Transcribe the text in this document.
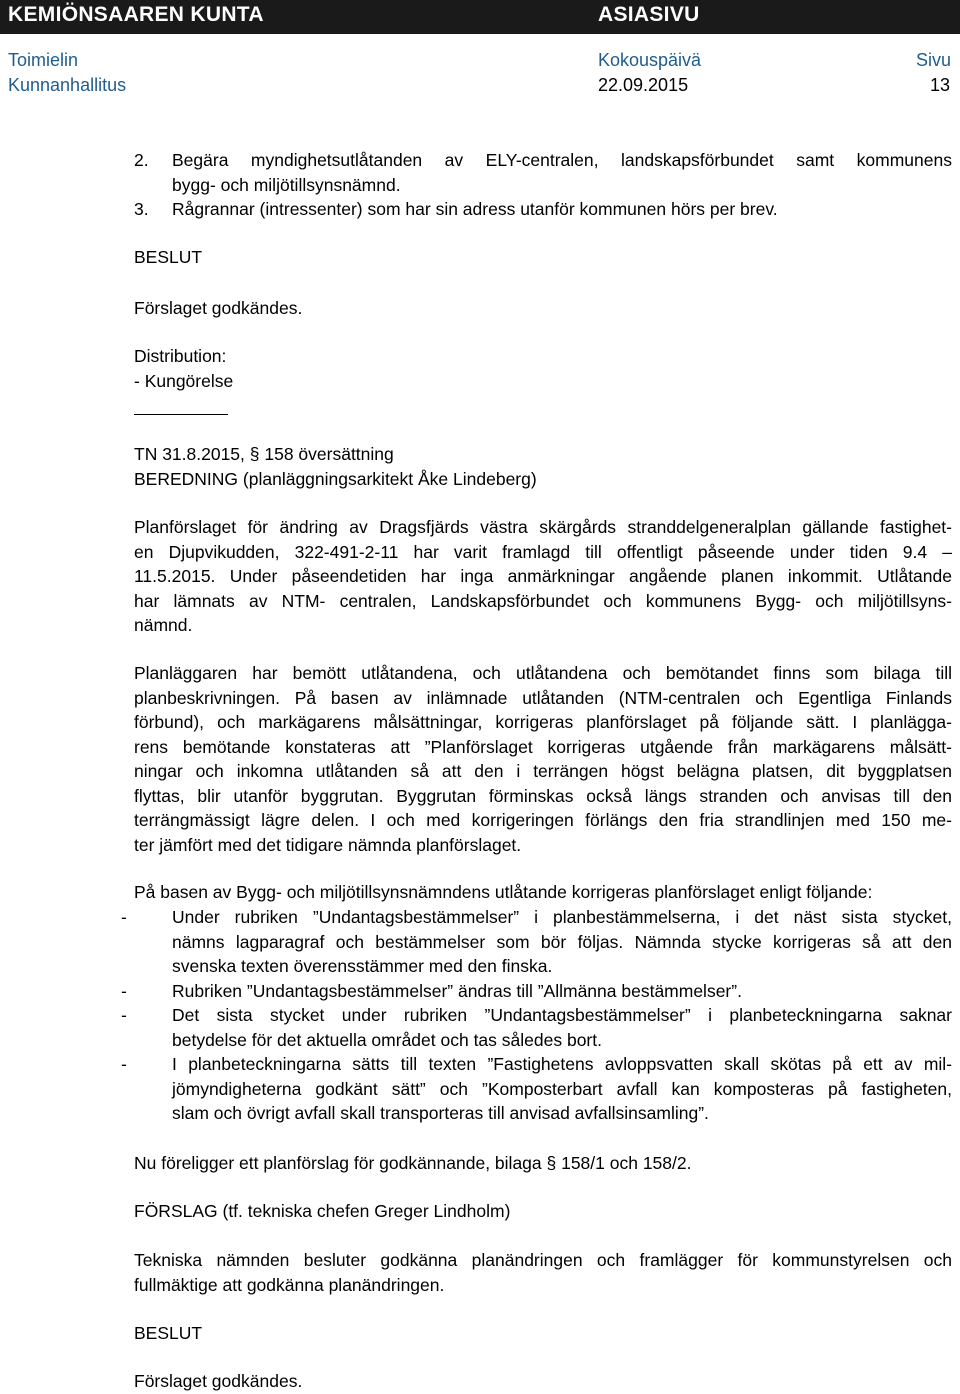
KEMIÖNSAAREN KUNTA	ASIASIVU
Toimielin
Kunnanhallitus
Kokouspäivä
22.09.2015
Sivu
13
2. Begära myndighetsutlåtanden av ELY-centralen, landskapsförbundet samt kommunens
bygg- och miljötillsynsnämnd.
3. Rågrannar (intressenter) som har sin adress utanför kommunen hörs per brev.
BESLUT
Förslaget godkändes.
Distribution:
- Kungörelse
TN 31.8.2015, § 158 översättning
BEREDNING (planläggningsarkitekt Åke Lindeberg)
Planförslaget för ändring av Dragsfjärds västra skärgårds stranddelgeneralplan gällande fastighet-
en Djupvikudden, 322-491-2-11 har varit framlagd till offentligt påseende under tiden 9.4 –
11.5.2015. Under påseendetiden har inga anmärkningar angående planen inkommit. Utlåtande
har lämnats av NTM- centralen, Landskapsförbundet och kommunens Bygg- och miljötillsyns-
nämnd.
Planläggaren har bemött utlåtandena, och utlåtandena och bemötandet finns som bilaga till
planbeskrivningen. På basen av inlämnade utlåtanden (NTM-centralen och Egentliga Finlands
förbund), och markägarens målsättningar, korrigeras planförslaget på följande sätt. I planlägga-
rens bemötande konstateras att ”Planförslaget korrigeras utgående från markägarens målsätt-
ningar och inkomna utlåtanden så att den i terrängen högst belägna platsen, dit byggplatsen
flyttas, blir utanför byggrutan. Byggrutan förminskas också längs stranden och anvisas till den
terrängmässigt lägre delen. I och med korrigeringen förlängs den fria strandlinjen med 150 me-
ter jämfört med det tidigare nämnda planförslaget.
På basen av Bygg- och miljötillsynsnämndens utlåtande korrigeras planförslaget enligt följande:
-	Under rubriken ”Undantagsbestämmelser” i planbestämmelserna, i det näst sista stycket,
nämns lagparagraf och bestämmelser som bör följas. Nämnda stycke korrigeras så att den
svenska texten överensstämmer med den finska.
-	Rubriken ”Undantagsbestämmelser” ändras till ”Allmänna bestämmelser”.
-	Det sista stycket under rubriken ”Undantagsbestämmelser” i planbeteckningarna saknar
betydelse för det aktuella området och tas således bort.
-	I planbeteckningarna sätts till texten ”Fastighetens avloppsvatten skall skötas på ett av mil-
jömyndigheterna godkänt sätt” och ”Komposterbart avfall kan komposteras på fastigheten,
slam och övrigt avfall skall transporteras till anvisad avfallsinsamling”.
Nu föreligger ett planförslag för godkännande, bilaga § 158/1 och 158/2.
FÖRSLAG (tf. tekniska chefen Greger Lindholm)
Tekniska nämnden besluter godkänna planändringen och framlägger för kommunstyrelsen och
fullmäktige att godkänna planändringen.
BESLUT
Förslaget godkändes.
